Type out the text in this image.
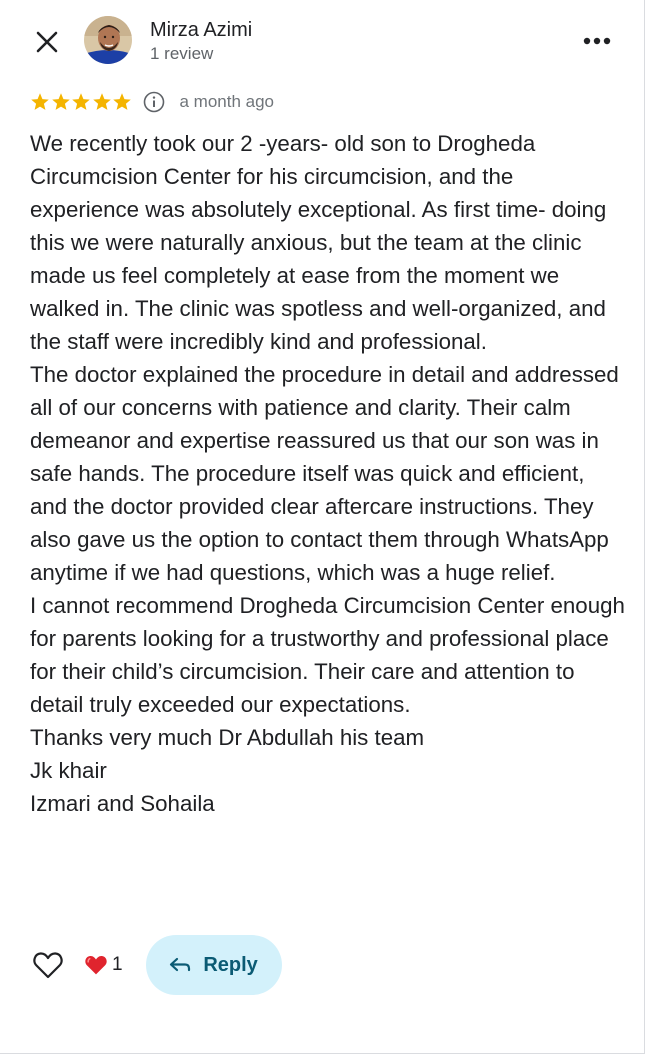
Mirza Azimi
1 review
a month ago

We recently took our 2 -years- old son to Drogheda Circumcision Center for his circumcision, and the experience was absolutely exceptional. As first time- doing this we were naturally anxious, but the team at the clinic made us feel completely at ease from the moment we walked in. The clinic was spotless and well-organized, and the staff were incredibly kind and professional.
The doctor explained the procedure in detail and addressed all of our concerns with patience and clarity. Their calm demeanor and expertise reassured us that our son was in safe hands. The procedure itself was quick and efficient, and the doctor provided clear aftercare instructions. They also gave us the option to contact them through WhatsApp anytime if we had questions, which was a huge relief.
I cannot recommend Drogheda Circumcision Center enough for parents looking for a trustworthy and professional place for their child’s circumcision. Their care and attention to detail truly exceeded our expectations.
Thanks very much Dr Abdullah his team
Jk khair
Izmari and Sohaila

1	Reply
